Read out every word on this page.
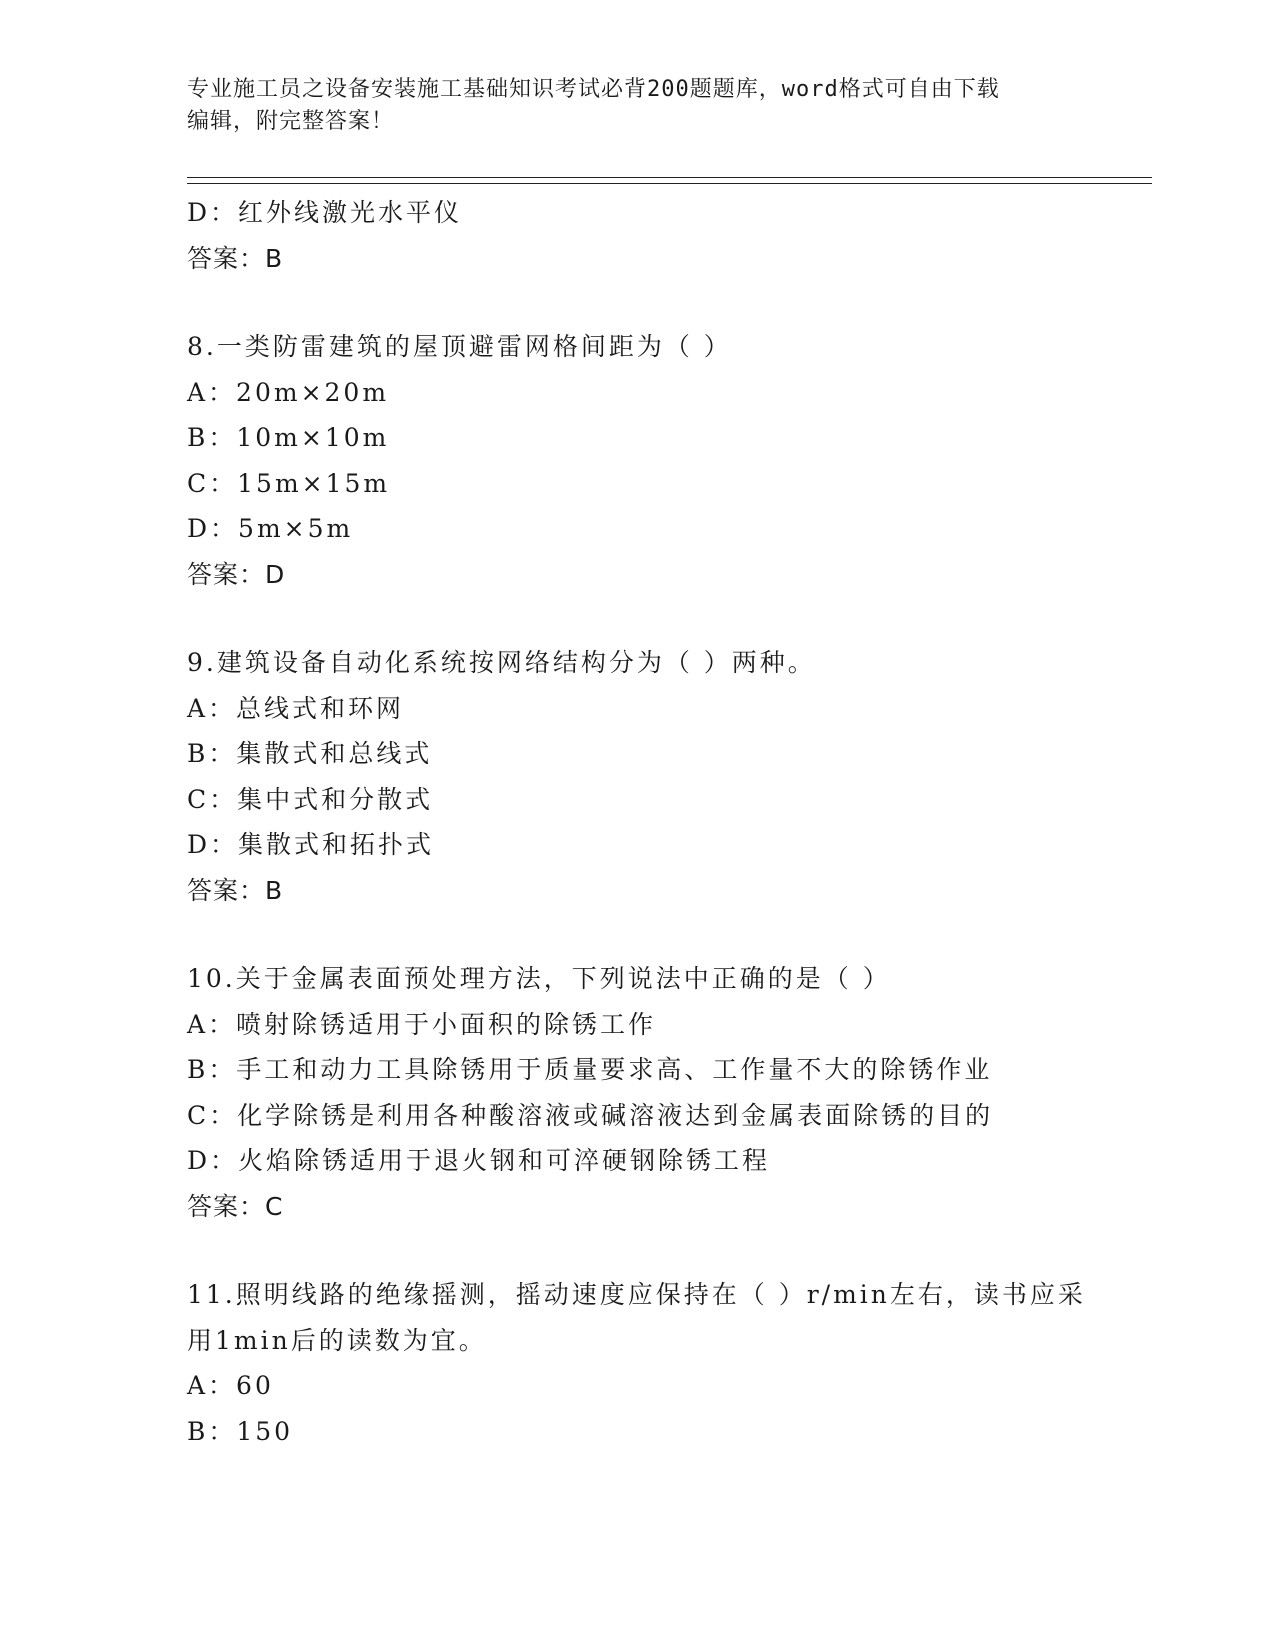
专业施工员之设备安装施工基础知识考试必背200题题库，word格式可自由下载
编辑，附完整答案！
D：红外线激光水平仪
答案：B
8.一类防雷建筑的屋顶避雷网格间距为（ ）
A：20m×20m
B：10m×10m
C：15m×15m
D：5m×5m
答案：D
9.建筑设备自动化系统按网络结构分为（ ）两种。
A：总线式和环网
B：集散式和总线式
C：集中式和分散式
D：集散式和拓扑式
答案：B
10.关于金属表面预处理方法，下列说法中正确的是（ ）
A：喷射除锈适用于小面积的除锈工作
B：手工和动力工具除锈用于质量要求高、工作量不大的除锈作业
C：化学除锈是利用各种酸溶液或碱溶液达到金属表面除锈的目的
D：火焰除锈适用于退火钢和可淬硬钢除锈工程
答案：C
11.照明线路的绝缘摇测，摇动速度应保持在（ ）r/min左右，读书应采用1min后的读数为宜。
A：60
B：150
